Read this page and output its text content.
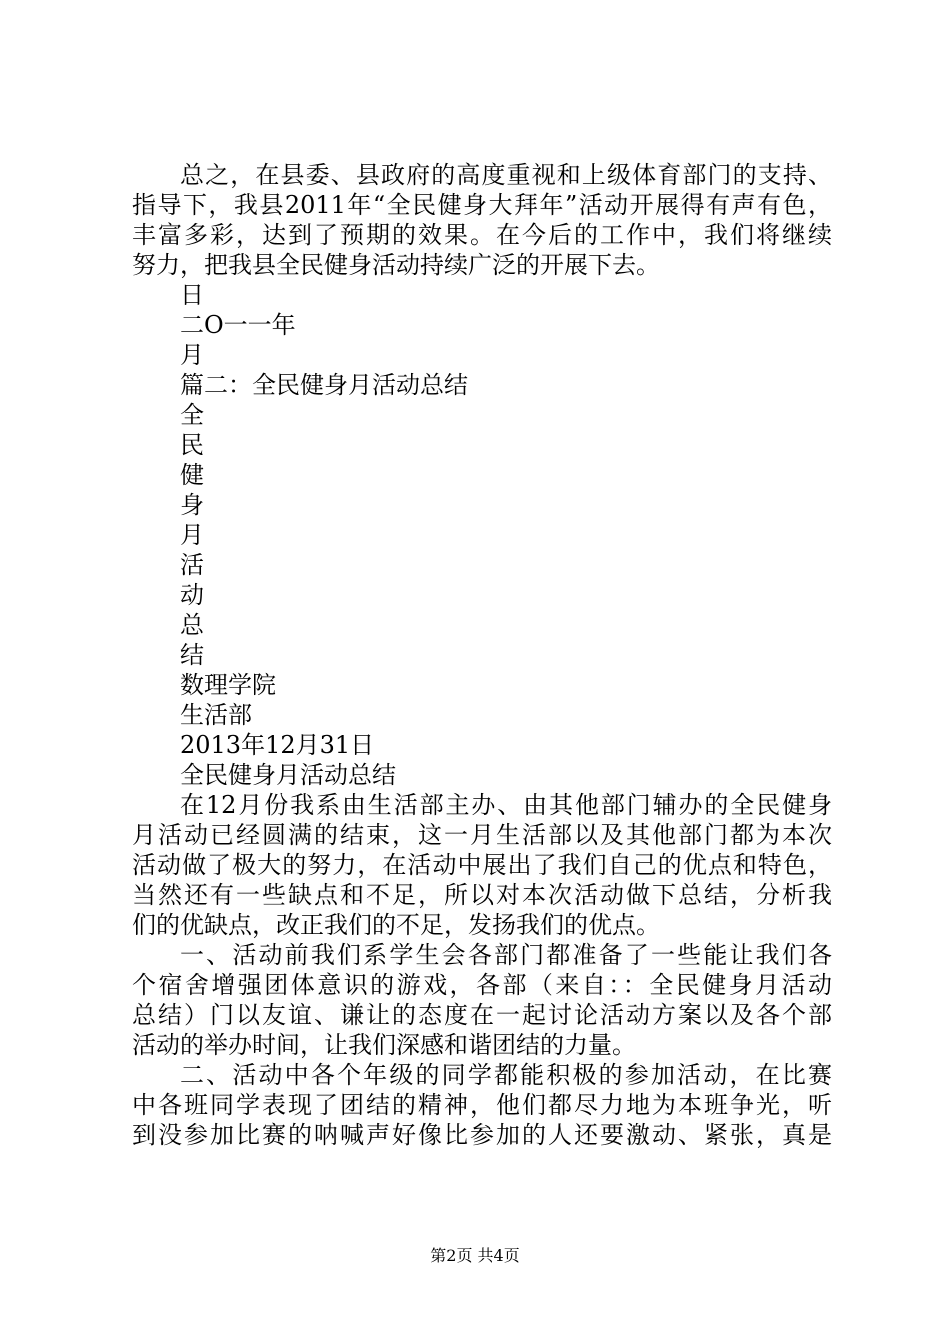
总之，在县委、县政府的高度重视和上级体育部门的支持、
指导下，我县2011年“全民健身大拜年”活动开展得有声有色，
丰富多彩，达到了预期的效果。在今后的工作中，我们将继续
努力，把我县全民健身活动持续广泛的开展下去。
日
二O一一年
月
篇二：全民健身月活动总结
全
民
健
身
月
活
动
总
结
数理学院
生活部
2013年12月31日
全民健身月活动总结
在12月份我系由生活部主办、由其他部门辅办的全民健身
月活动已经圆满的结束，这一月生活部以及其他部门都为本次
活动做了极大的努力，在活动中展出了我们自己的优点和特色，
当然还有一些缺点和不足，所以对本次活动做下总结，分析我
们的优缺点，改正我们的不足，发扬我们的优点。
一、活动前我们系学生会各部门都准备了一些能让我们各
个宿舍增强团体意识的游戏，各部（来自：：全民健身月活动
总结）门以友谊、谦让的态度在一起讨论活动方案以及各个部
活动的举办时间，让我们深感和谐团结的力量。
二、活动中各个年级的同学都能积极的参加活动，在比赛
中各班同学表现了团结的精神，他们都尽力地为本班争光，听
到没参加比赛的呐喊声好像比参加的人还要激动、紧张，真是
第2页 共4页
